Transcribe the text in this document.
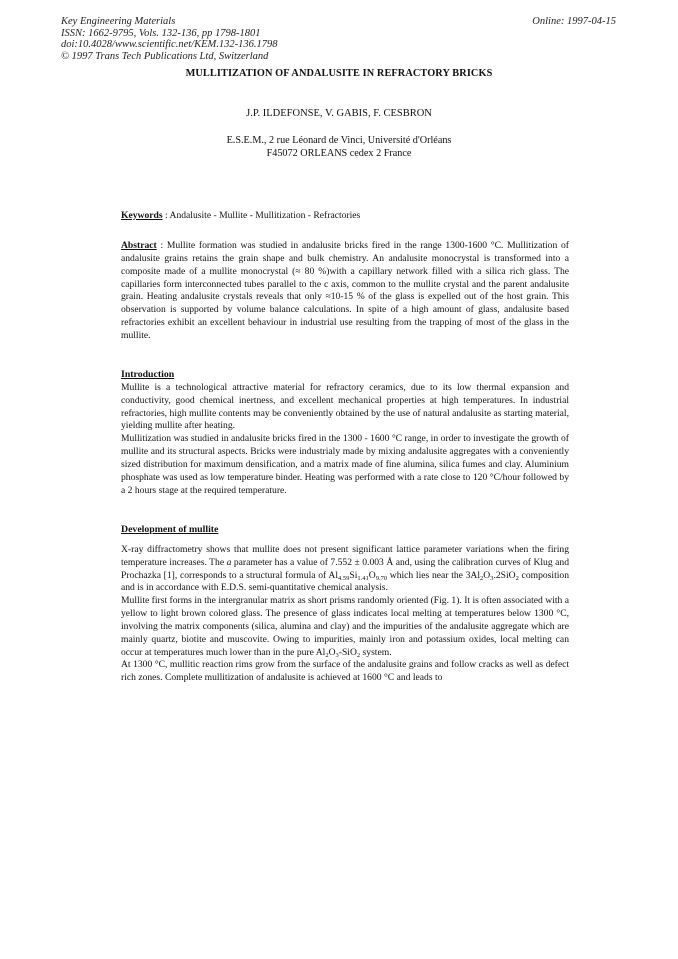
Key Engineering Materials
ISSN: 1662-9795, Vols. 132-136, pp 1798-1801
doi:10.4028/www.scientific.net/KEM.132-136.1798
© 1997 Trans Tech Publications Ltd, Switzerland
Online: 1997-04-15
MULLITIZATION OF ANDALUSITE IN REFRACTORY BRICKS
J.P. ILDEFONSE, V. GABIS, F. CESBRON
E.S.E.M., 2 rue Léonard de Vinci, Université d'Orléans
F45072 ORLEANS cedex 2 France
Keywords : Andalusite - Mullite - Mullitization - Refractories
Abstract : Mullite formation was studied in andalusite bricks fired in the range 1300-1600 °C. Mullitization of andalusite grains retains the grain shape and bulk chemistry. An andalusite monocrystal is transformed into a composite made of a mullite monocrystal (≈ 80 %)with a capillary network filled with a silica rich glass. The capillaries form interconnected tubes parallel to the c axis, common to the mullite crystal and the parent andalusite grain. Heating andalusite crystals reveals that only ≈10-15 % of the glass is expelled out of the host grain. This observation is supported by volume balance calculations. In spite of a high amount of glass, andalusite based refractories exhibit an excellent behaviour in industrial use resulting from the trapping of most of the glass in the mullite.
Introduction
Mullite is a technological attractive material for refractory ceramics, due to its low thermal expansion and conductivity, good chemical inertness, and excellent mechanical properties at high temperatures. In industrial refractories, high mullite contents may be conveniently obtained by the use of natural andalusite as starting material, yielding mullite after heating.
Mullitization was studied in andalusite bricks fired in the 1300 - 1600 °C range, in order to investigate the growth of mullite and its structural aspects. Bricks were industrialy made by mixing andalusite aggregates with a conveniently sized distribution for maximum densification, and a matrix made of fine alumina, silica fumes and clay. Aluminium phosphate was used as low temperature binder. Heating was performed with a rate close to 120 °C/hour followed by a 2 hours stage at the required temperature.
Development of mullite
X-ray diffractometry shows that mullite does not present significant lattice parameter variations when the firing temperature increases. The a parameter has a value of 7.552 ± 0.003 Å and, using the calibration curves of Klug and Prochazka [1], corresponds to a structural formula of $Al_{4.59}Si_{1.41}O_{9.70}$ which lies near the $3Al_2O_3.2SiO_2$ composition and is in accordance with E.D.S. semi-quantitative chemical analysis.
Mullite first forms in the intergranular matrix as short prisms randomly oriented (Fig. 1). It is often associated with a yellow to light brown colored glass. The presence of glass indicates local melting at temperatures below 1300 °C, involving the matrix components (silica, alumina and clay) and the impurities of the andalusite aggregate which are mainly quartz, biotite and muscovite. Owing to impurities, mainly iron and potassium oxides, local melting can occur at temperatures much lower than in the pure $Al_2O_3-SiO_2$ system.
At 1300 °C, mullitic reaction rims grow from the surface of the andalusite grains and follow cracks as well as defect rich zones. Complete mullitization of andalusite is achieved at 1600 °C and leads to
